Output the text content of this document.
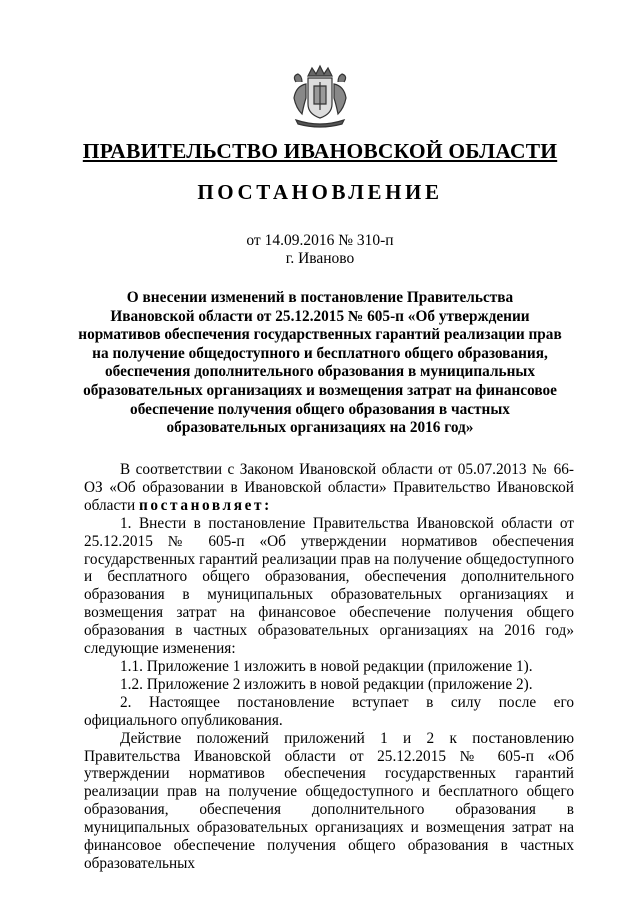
ПРАВИТЕЛЬСТВО ИВАНОВСКОЙ ОБЛАСТИ
ПОСТАНОВЛЕНИЕ
от 14.09.2016 № 310-п
г. Иваново
О внесении изменений в постановление Правительства
Ивановской области от 25.12.2015 № 605-п «Об утверждении
нормативов обеспечения государственных гарантий реализации прав
на получение общедоступного и бесплатного общего образования,
обеспечения дополнительного образования в муниципальных
образовательных организациях и возмещения затрат на финансовое
обеспечение получения общего образования в частных
образовательных организациях на 2016 год»

В соответствии с Законом Ивановской области от 05.07.2013 № 66-ОЗ «Об образовании в Ивановской области» Правительство Ивановской области постановляет:

1. Внести в постановление Правительства Ивановской области от 25.12.2015 № 605-п «Об утверждении нормативов обеспечения государственных гарантий реализации прав на получение общедоступного и бесплатного общего образования, обеспечения дополнительного образования в муниципальных образовательных организациях и возмещения затрат на финансовое обеспечение получения общего образования в частных образовательных организациях на 2016 год» следующие изменения:

1.1. Приложение 1 изложить в новой редакции (приложение 1).

1.2. Приложение 2 изложить в новой редакции (приложение 2).

2. Настоящее постановление вступает в силу после его официального опубликования.

Действие положений приложений 1 и 2 к постановлению Правительства Ивановской области от 25.12.2015 № 605-п «Об утверждении нормативов обеспечения государственных гарантий реализации прав на получение общедоступного и бесплатного общего образования, обеспечения дополнительного образования в муниципальных образовательных организациях и возмещения затрат на финансовое обеспечение получения общего образования в частных образовательных
